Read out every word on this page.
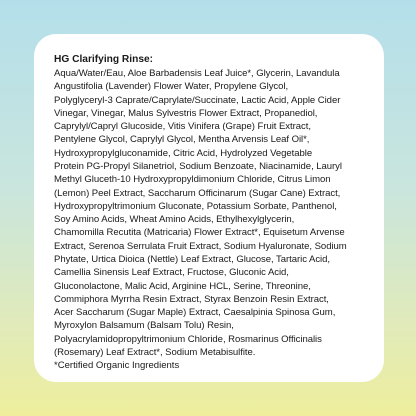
HG Clarifying Rinse:
Aqua/Water/Eau, Aloe Barbadensis Leaf Juice*, Glycerin, Lavandula
Angustifolia (Lavender) Flower Water, Propylene Glycol,
Polyglyceryl-3 Caprate/Caprylate/Succinate, Lactic Acid, Apple Cider
Vinegar, Vinegar, Malus Sylvestris Flower Extract, Propanediol,
Caprylyl/Capryl Glucoside, Vitis Vinifera (Grape) Fruit Extract,
Pentylene Glycol, Caprylyl Glycol, Mentha Arvensis Leaf Oil*,
Hydroxypropylgluconamide, Citric Acid, Hydrolyzed Vegetable
Protein PG-Propyl Silanetriol, Sodium Benzoate, Niacinamide, Lauryl
Methyl Gluceth-10 Hydroxypropyldimonium Chloride, Citrus Limon
(Lemon) Peel Extract, Saccharum Officinarum (Sugar Cane) Extract,
Hydroxypropyltrimonium Gluconate, Potassium Sorbate, Panthenol,
Soy Amino Acids, Wheat Amino Acids, Ethylhexylglycerin,
Chamomilla Recutita (Matricaria) Flower Extract*, Equisetum Arvense
Extract, Serenoa Serrulata Fruit Extract, Sodium Hyaluronate, Sodium
Phytate, Urtica Dioica (Nettle) Leaf Extract, Glucose, Tartaric Acid,
Camellia Sinensis Leaf Extract, Fructose, Gluconic Acid,
Gluconolactone, Malic Acid, Arginine HCL, Serine, Threonine,
Commiphora Myrrha Resin Extract, Styrax Benzoin Resin Extract,
Acer Saccharum (Sugar Maple) Extract, Caesalpinia Spinosa Gum,
Myroxylon Balsamum (Balsam Tolu) Resin,
Polyacrylamidopropyltrimonium Chloride, Rosmarinus Officinalis
(Rosemary) Leaf Extract*, Sodium Metabisulfite.
*Certified Organic Ingredients
